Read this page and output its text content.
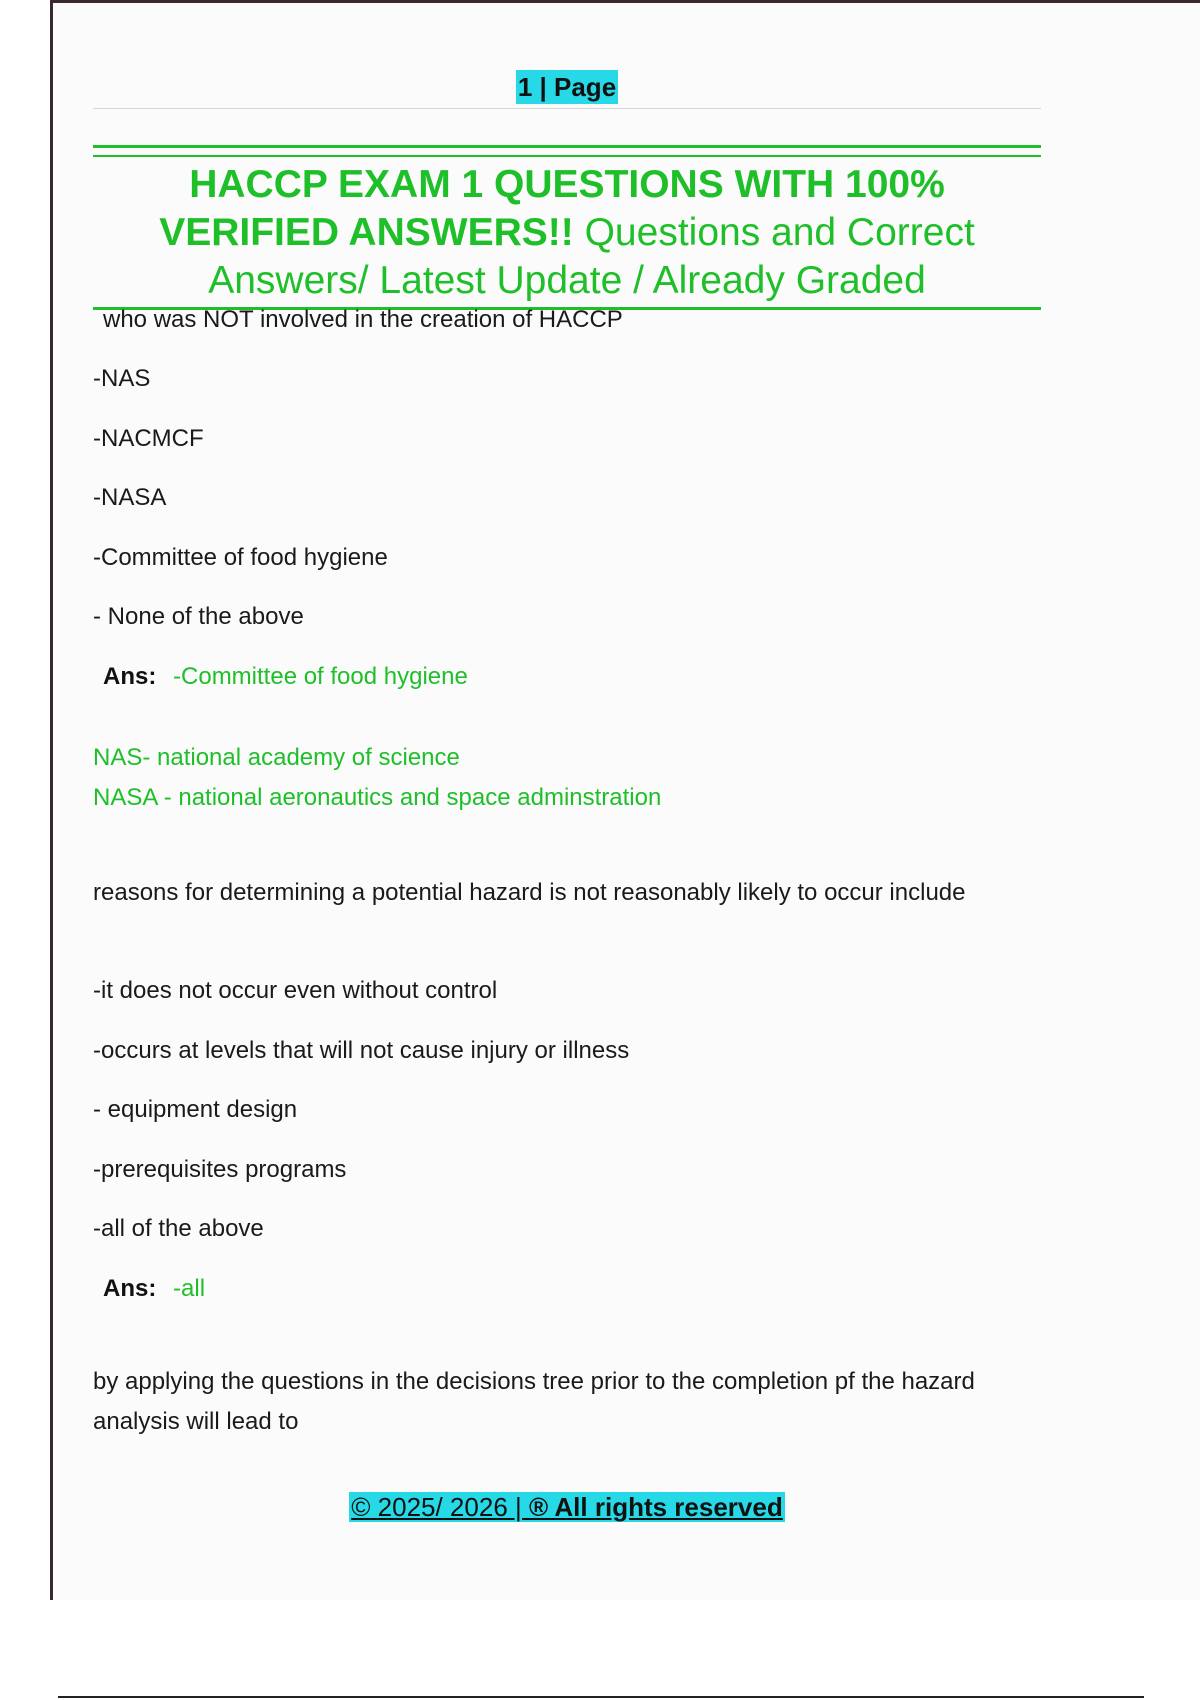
1 | Page

HACCP EXAM 1 QUESTIONS WITH 100%
VERIFIED ANSWERS!! Questions and Correct
Answers/ Latest Update / Already Graded

who was NOT involved in the creation of HACCP
-NAS
-NACMCF
-NASA
-Committee of food hygiene
- None of the above
Ans: -Committee of food hygiene
NAS- national academy of science
NASA - national aeronautics and space adminstration
reasons for determining a potential hazard is not reasonably likely to occur include
-it does not occur even without control
-occurs at levels that will not cause injury or illness
- equipment design
-prerequisites programs
-all of the above
Ans: -all
by applying the questions in the decisions tree prior to the completion pf the hazard analysis will lead to
© 2025/ 2026 | ® All rights reserved
